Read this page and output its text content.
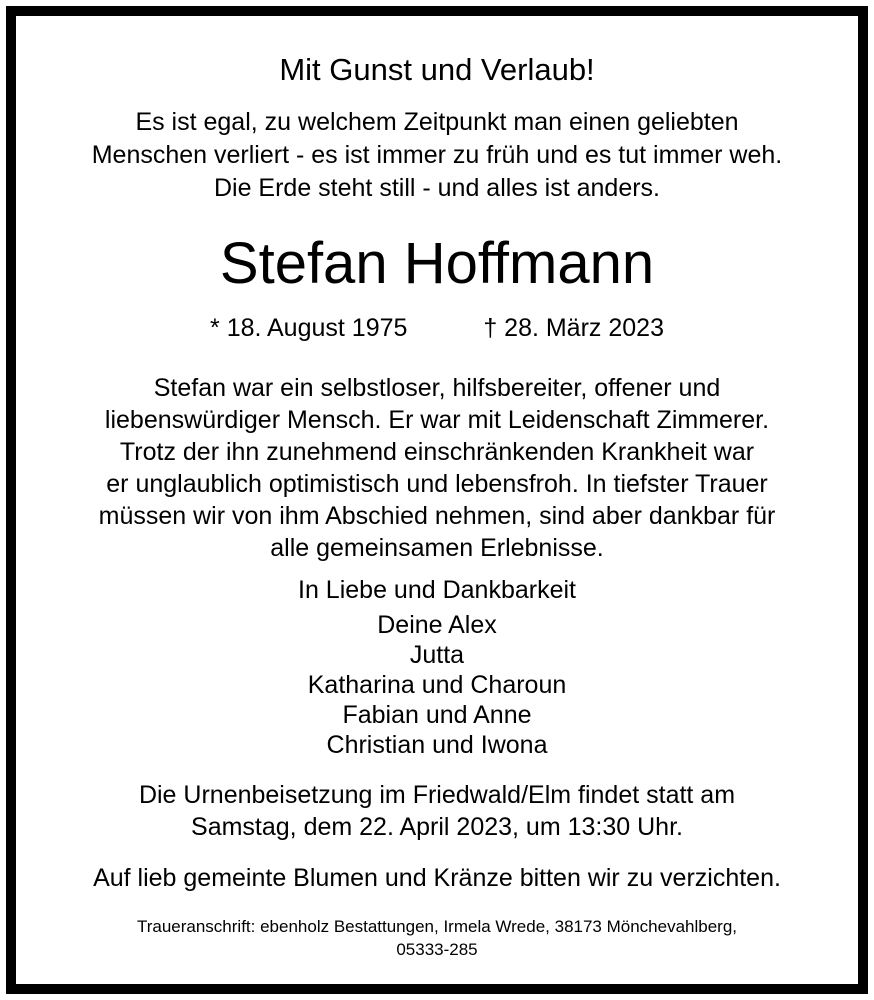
Mit Gunst und Verlaub!
Es ist egal, zu welchem Zeitpunkt man einen geliebten
Menschen verliert - es ist immer zu früh und es tut immer weh.
Die Erde steht still - und alles ist anders.
Stefan Hoffmann
* 18. August 1975	† 28. März 2023
Stefan war ein selbstloser, hilfsbereiter, offener und
liebenswürdiger Mensch. Er war mit Leidenschaft Zimmerer.
Trotz der ihn zunehmend einschränkenden Krankheit war
er unglaublich optimistisch und lebensfroh. In tiefster Trauer
müssen wir von ihm Abschied nehmen, sind aber dankbar für
alle gemeinsamen Erlebnisse.
In Liebe und Dankbarkeit
Deine Alex
Jutta
Katharina und Charoun
Fabian und Anne
Christian und Iwona
Die Urnenbeisetzung im Friedwald/Elm findet statt am
Samstag, dem 22. April 2023, um 13:30 Uhr.
Auf lieb gemeinte Blumen und Kränze bitten wir zu verzichten.
Traueranschrift: ebenholz Bestattungen, Irmela Wrede, 38173 Mönchevahlberg,
05333-285
